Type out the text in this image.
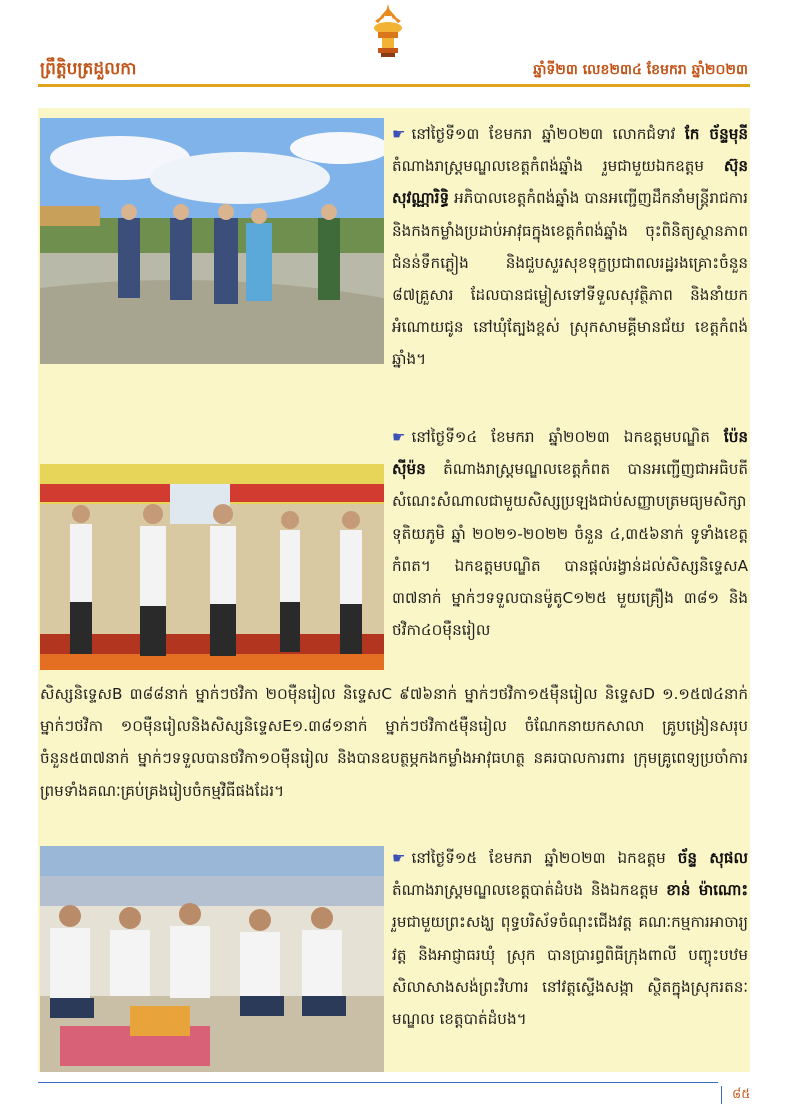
ព្រឹត្តិបត្រដួលកា	ឆ្នាំទី២៣ លេខ២៣៤ ខែមករា ឆ្នាំ២០២៣
☛ នៅថ្ងៃទី១៣ ខែមករា ឆ្នាំ២០២៣ លោកជំទាវ កែ ច័ន្ទមុនី តំណាងរាស្រ្តមណ្ឌលខេត្តកំពង់ឆ្នាំង រួមជាមួយឯកឧត្តម ស៊ុន សុវណ្ណារិទ្ធិ អភិបាលខេត្តកំពង់ឆ្នាំង បានអញ្ជើញដឹកនាំមន្រ្តីរាជការ និងកងកម្លាំងប្រដាប់អាវុធក្នុងខេត្តកំពង់ឆ្នាំង ចុះពិនិត្យស្ថានភាពជំនន់ទឹកភ្លៀង និងជួបសួរសុខទុក្ខប្រជាពលរដ្ឋរងគ្រោះចំនួន ៨៧គ្រួសារ ដែលបានជម្លៀសទៅទីទួលសុវត្ថិភាព និងនាំយកអំណោយជូន នៅឃុំត្បែងខ្ពស់ ស្រុកសាមគ្គីមានជ័យ ខេត្តកំពង់ឆ្នាំង។
☛ នៅថ្ងៃទី១៤ ខែមករា ឆ្នាំ២០២៣ ឯកឧត្តមបណ្ឌិត ប៉ែន ស៊ីម៉ន តំណាងរាស្រ្តមណ្ឌលខេត្តកំពត បានអញ្ជើញជាអធិបតីសំណេះសំណាលជាមួយសិស្សប្រឡងជាប់សញ្ញាបត្រមធ្យមសិក្សាទុតិយភូមិ ឆ្នាំ ២០២១-២០២២ ចំនួន ៤,៣៥៦នាក់ ទូទាំងខេត្តកំពត។ ឯកឧត្តមបណ្ឌិត បានផ្តល់រង្វាន់ដល់សិស្សនិទ្ទេសA ៣៧នាក់ ម្នាក់ៗទទួលបានម៉ូតូC១២៥ មួយគ្រឿង ៣៨១ និងថវិកា៤០ម៉ឺនរៀល
សិស្សនិទ្ទេសB ៣៨៨នាក់ ម្នាក់ៗថវិកា ២០ម៉ឺនរៀល និទ្ទេសC ៩៧៦នាក់ ម្នាក់ៗថវិកា១៥ម៉ឺនរៀល និទ្ទេសD ១.១៥៧៤នាក់ ម្នាក់ៗថវិកា ១០ម៉ឺនរៀលនិងសិស្សនិទ្ទេសE១.៣៨១នាក់ ម្នាក់ៗថវិកា៥ម៉ឺនរៀល ចំណែកនាយកសាលា គ្រូបង្រៀនសរុបចំនួន៥៣៧នាក់ ម្នាក់ៗទទួលបានថវិកា១០ម៉ឺនរៀល និងបានឧបត្ថម្ភកងកម្លាំងអាវុធហត្ថ នគរបាលការពារ ក្រុមគ្រូពេទ្យប្រចាំការ ព្រមទាំងគណៈគ្រប់គ្រងរៀបចំកម្មវិធីផងដែរ។
☛ នៅថ្ងៃទី១៥ ខែមករា ឆ្នាំ២០២៣ ឯកឧត្តម ច័ន្ទ សុផល តំណាងរាស្រ្តមណ្ឌលខេត្តបាត់ដំបង និងឯកឧត្តម ខាន់ ម៉ាណោះ រួមជាមួយព្រះសង្ឃ ពុទ្ធបរិស័ទចំណុះជើងវត្ត គណៈកម្មការអាចារ្យវត្ត និងអាជ្ញាធរឃុំ ស្រុក បានប្រារព្ធពិធីក្រុងពាលី បញ្ចុះបឋមសិលាសាងសង់ព្រះវិហារ នៅវត្តស្ទើងសង្កា ស្ថិតក្នុងស្រុករតនៈមណ្ឌល ខេត្តបាត់ដំបង។
៨៥
